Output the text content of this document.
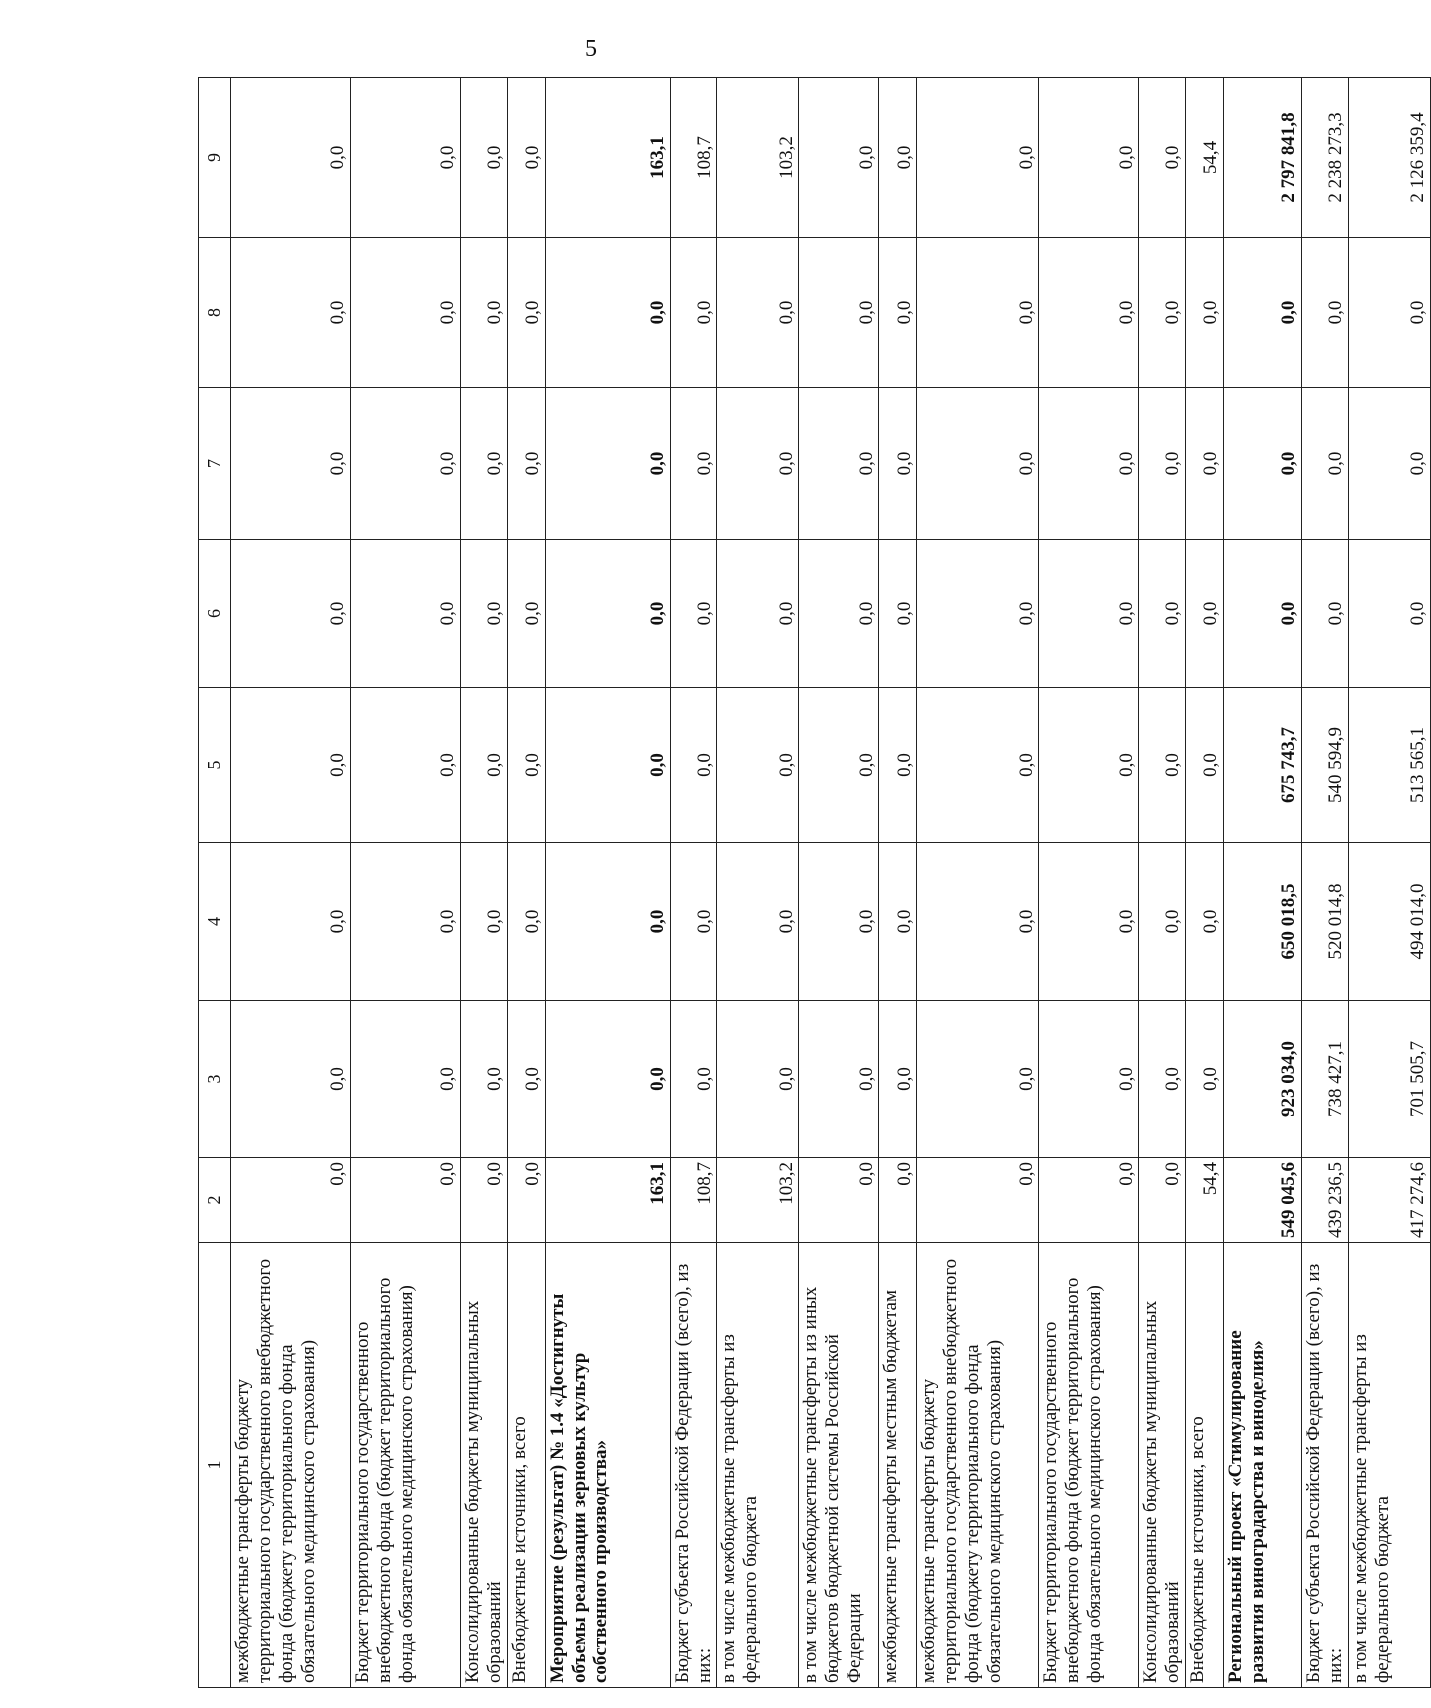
5
1	2	3	4	5	6	7	8	9
межбюджетные трансферты бюджету территориального государственного внебюджетного фонда (бюджету территориального фонда обязательного медицинского страхования)	0,0	0,0	0,0	0,0	0,0	0,0	0,0	0,0
Бюджет территориального государственного внебюджетного фонда (бюджет территориального фонда обязательного медицинского страхования)	0,0	0,0	0,0	0,0	0,0	0,0	0,0	0,0
Консолидированные бюджеты муниципальных образований	0,0	0,0	0,0	0,0	0,0	0,0	0,0	0,0
Внебюджетные источники, всего	0,0	0,0	0,0	0,0	0,0	0,0	0,0	0,0
Мероприятие (результат) № 1.4 «Достигнуты объемы реализации зерновых культур собственного производства»	163,1	0,0	0,0	0,0	0,0	0,0	0,0	163,1
Бюджет субъекта Российской Федерации (всего), из них:	108,7	0,0	0,0	0,0	0,0	0,0	0,0	108,7
в том числе межбюджетные трансферты из федерального бюджета	103,2	0,0	0,0	0,0	0,0	0,0	0,0	103,2
в том числе межбюджетные трансферты из иных бюджетов бюджетной системы Российской Федерации	0,0	0,0	0,0	0,0	0,0	0,0	0,0	0,0
межбюджетные трансферты местным бюджетам	0,0	0,0	0,0	0,0	0,0	0,0	0,0	0,0
межбюджетные трансферты бюджету территориального государственного внебюджетного фонда (бюджету территориального фонда обязательного медицинского страхования)	0,0	0,0	0,0	0,0	0,0	0,0	0,0	0,0
Бюджет территориального государственного внебюджетного фонда (бюджет территориального фонда обязательного медицинского страхования)	0,0	0,0	0,0	0,0	0,0	0,0	0,0	0,0
Консолидированные бюджеты муниципальных образований	0,0	0,0	0,0	0,0	0,0	0,0	0,0	0,0
Внебюджетные источники, всего	54,4	0,0	0,0	0,0	0,0	0,0	0,0	54,4
Региональный проект «Стимулирование развития виноградарства и виноделия»	549 045,6	923 034,0	650 018,5	675 743,7	0,0	0,0	0,0	2 797 841,8
Бюджет субъекта Российской Федерации (всего), из них:	439 236,5	738 427,1	520 014,8	540 594,9	0,0	0,0	0,0	2 238 273,3
в том числе межбюджетные трансферты из федерального бюджета	417 274,6	701 505,7	494 014,0	513 565,1	0,0	0,0	0,0	2 126 359,4
